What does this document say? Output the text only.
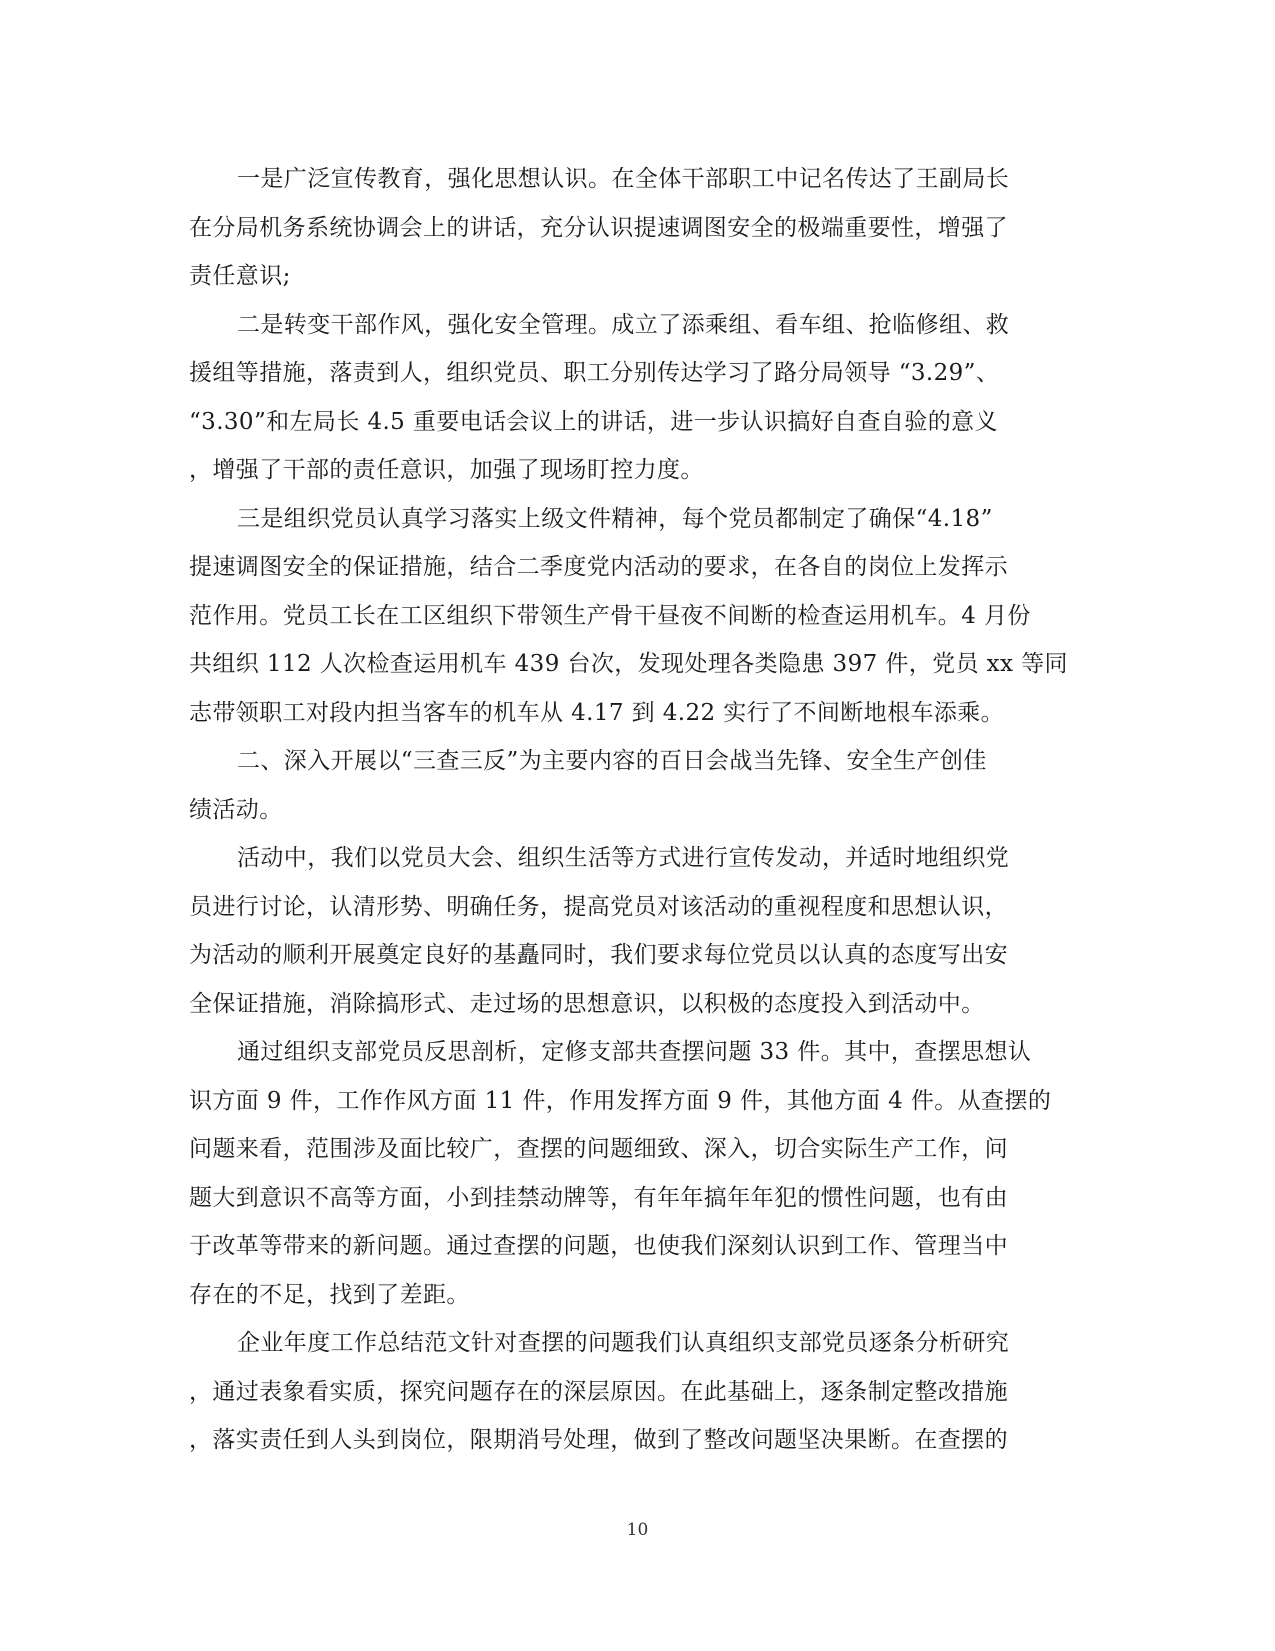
一是广泛宣传教育，强化思想认识。在全体干部职工中记名传达了王副局长
在分局机务系统协调会上的讲话，充分认识提速调图安全的极端重要性，增强了
责任意识;
二是转变干部作风，强化安全管理。成立了添乘组、看车组、抢临修组、救
援组等措施，落责到人，组织党员、职工分别传达学习了路分局领导 “3.29”、
“3.30”和左局长 4.5 重要电话会议上的讲话，进一步认识搞好自查自验的意义
，增强了干部的责任意识，加强了现场盯控力度。
三是组织党员认真学习落实上级文件精神，每个党员都制定了确保“4.18”
提速调图安全的保证措施，结合二季度党内活动的要求，在各自的岗位上发挥示
范作用。党员工长在工区组织下带领生产骨干昼夜不间断的检查运用机车。4 月份
共组织 112 人次检查运用机车 439 台次，发现处理各类隐患 397 件，党员 xx 等同
志带领职工对段内担当客车的机车从 4.17 到 4.22 实行了不间断地根车添乘。
二、深入开展以“三查三反”为主要内容的百日会战当先锋、安全生产创佳
绩活动。
活动中，我们以党员大会、组织生活等方式进行宣传发动，并适时地组织党
员进行讨论，认清形势、明确任务，提高党员对该活动的重视程度和思想认识，
为活动的顺利开展奠定良好的基矗同时，我们要求每位党员以认真的态度写出安
全保证措施，消除搞形式、走过场的思想意识，以积极的态度投入到活动中。
通过组织支部党员反思剖析，定修支部共查摆问题 33 件。其中，查摆思想认
识方面 9 件，工作作风方面 11 件，作用发挥方面 9 件，其他方面 4 件。从查摆的
问题来看，范围涉及面比较广，查摆的问题细致、深入，切合实际生产工作，问
题大到意识不高等方面，小到挂禁动牌等，有年年搞年年犯的惯性问题，也有由
于改革等带来的新问题。通过查摆的问题，也使我们深刻认识到工作、管理当中
存在的不足，找到了差距。
企业年度工作总结范文针对查摆的问题我们认真组织支部党员逐条分析研究
，通过表象看实质，探究问题存在的深层原因。在此基础上，逐条制定整改措施
，落实责任到人头到岗位，限期消号处理，做到了整改问题坚决果断。在查摆的
10
